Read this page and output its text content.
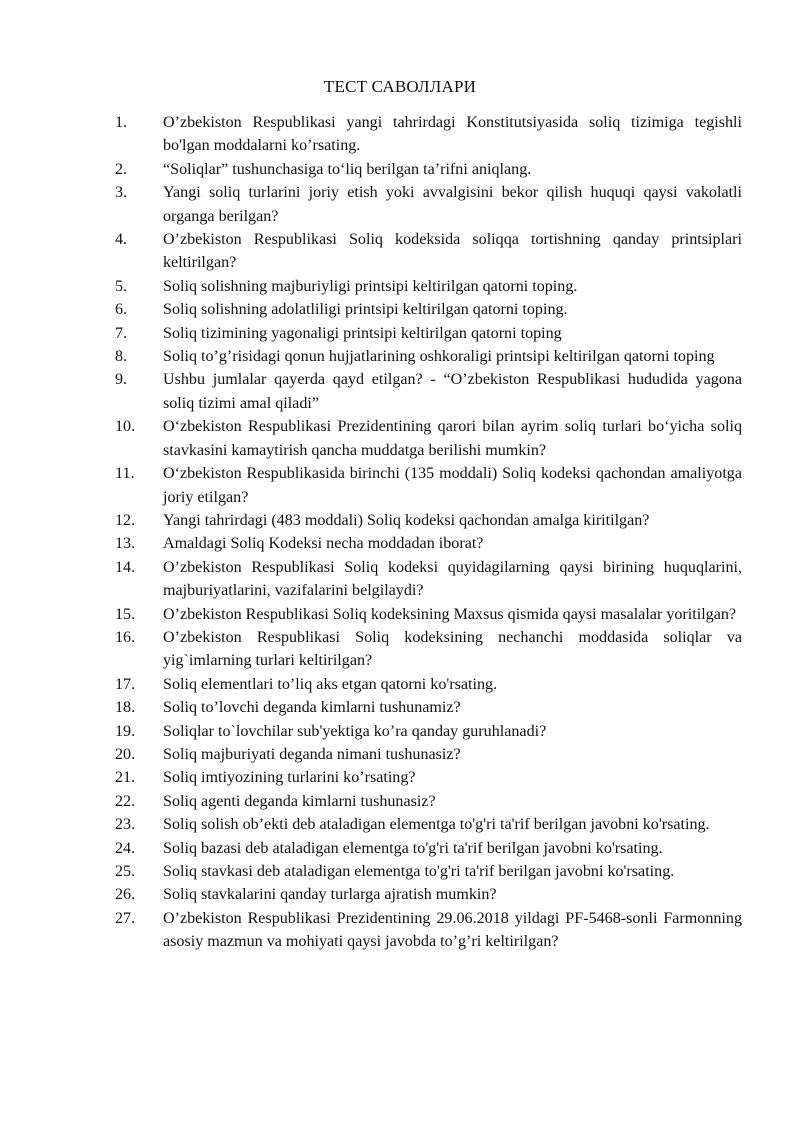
ТЕСТ САВОЛЛАРИ
1.	O’zbekiston Respublikasi yangi tahrirdagi Konstitutsiyasida soliq tizimiga tegishli bo'lgan moddalarni ko’rsating.
2.	“Soliqlar” tushunchasiga to‘liq berilgan ta’rifni aniqlang.
3.	Yangi soliq turlarini joriy etish yoki avvalgisini bekor qilish huquqi qaysi vakolatli organga berilgan?
4.	O’zbekiston Respublikasi Soliq kodeksida soliqqa tortishning qanday printsiplari keltirilgan?
5.	Soliq solishning majburiyligi printsipi keltirilgan qatorni toping.
6.	Soliq solishning adolatliligi printsipi keltirilgan qatorni toping.
7.	Soliq tizimining yagonaligi printsipi keltirilgan qatorni toping
8.	Soliq to’g’risidagi qonun hujjatlarining oshkoraligi printsipi keltirilgan qatorni toping
9.	Ushbu jumlalar qayerda qayd etilgan? - “O’zbekiston Respublikasi hududida yagona soliq tizimi amal qiladi”
10.	O‘zbekiston Respublikasi Prezidentining qarori bilan ayrim soliq turlari bo‘yicha soliq stavkasini kamaytirish qancha muddatga berilishi mumkin?
11.	O‘zbekiston Respublikasida birinchi (135 moddali) Soliq kodeksi qachondan amaliyotga joriy etilgan?
12.	Yangi tahrirdagi (483 moddali) Soliq kodeksi qachondan amalga kiritilgan?
13.	Amaldagi Soliq Kodeksi necha moddadan iborat?
14.	O’zbekiston Respublikasi Soliq kodeksi quyidagilarning qaysi birining huquqlarini, majburiyatlarini, vazifalarini belgilaydi?
15.	O’zbekiston Respublikasi Soliq kodeksining Maxsus qismida qaysi masalalar yoritilgan?
16.	O’zbekiston Respublikasi Soliq kodeksining nechanchi moddasida soliqlar va yig`imlarning turlari keltirilgan?
17.	Soliq elementlari to’liq aks etgan qatorni ko'rsating.
18.	Soliq to’lovchi deganda kimlarni tushunamiz?
19.	Soliqlar to`lovchilar sub'yektiga ko’ra qanday guruhlanadi?
20.	Soliq majburiyati deganda nimani tushunasiz?
21.	Soliq imtiyozining turlarini ko’rsating?
22.	Soliq agenti deganda kimlarni tushunasiz?
23.	Soliq solish ob’ekti deb ataladigan elementga to'g'ri ta'rif berilgan javobni ko'rsating.
24.	Soliq bazasi deb ataladigan elementga to'g'ri ta'rif berilgan javobni ko'rsating.
25.	Soliq stavkasi deb ataladigan elementga to'g'ri ta'rif berilgan javobni ko'rsating.
26.	Soliq stavkalarini qanday turlarga ajratish mumkin?
27.	O’zbekiston Respublikasi Prezidentining 29.06.2018 yildagi PF-5468-sonli Farmonning asosiy mazmun va mohiyati qaysi javobda to’g’ri keltirilgan?
